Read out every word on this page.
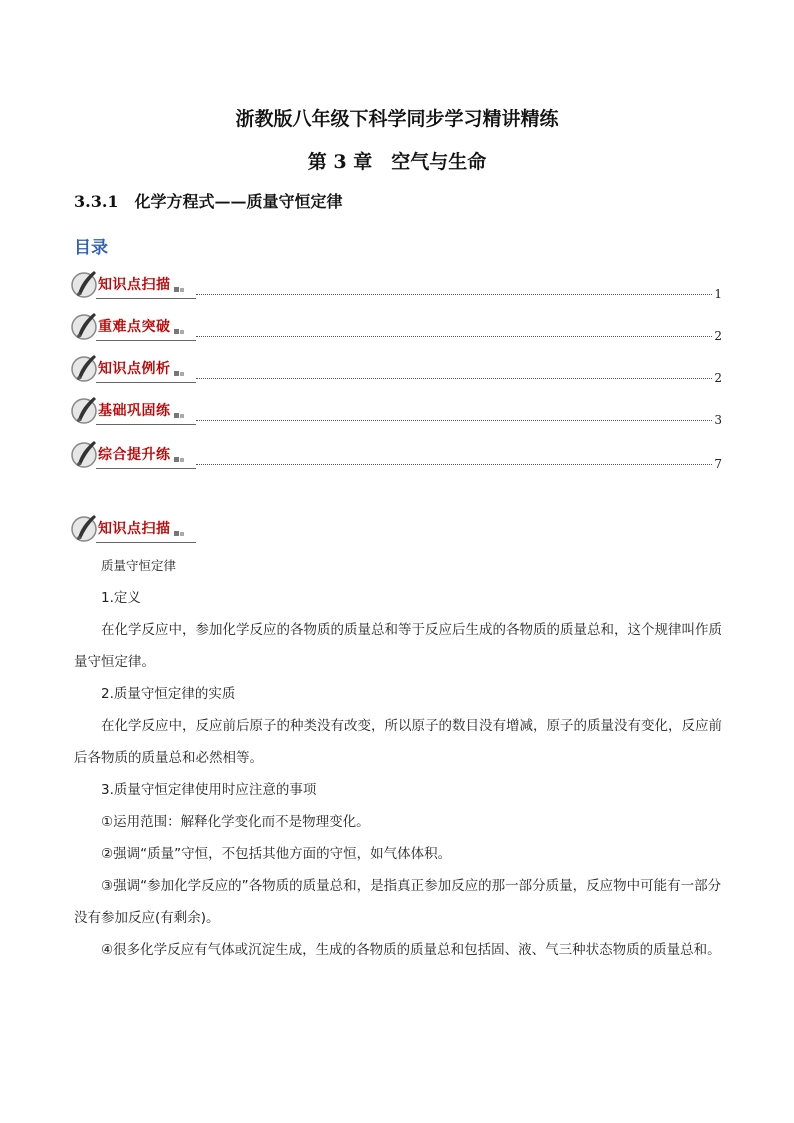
浙教版八年级下科学同步学习精讲精练
第 3 章　空气与生命
3.3.1　化学方程式——质量守恒定律
目录
知识点扫描
1
重难点突破
2
知识点例析
2
基础巩固练
3
综合提升练
7
知识点扫描

质量守恒定律

1.定义

在化学反应中，参加化学反应的各物质的质量总和等于反应后生成的各物质的质量总和，这个规律叫作质量守恒定律。

2.质量守恒定律的实质

在化学反应中，反应前后原子的种类没有改变，所以原子的数目没有增减，原子的质量没有变化，反应前后各物质的质量总和必然相等。

3.质量守恒定律使用时应注意的事项

①运用范围：解释化学变化而不是物理变化。

②强调“质量”守恒，不包括其他方面的守恒，如气体体积。

③强调“参加化学反应的”各物质的质量总和，是指真正参加反应的那一部分质量，反应物中可能有一部分没有参加反应(有剩余)。

④很多化学反应有气体或沉淀生成，生成的各物质的质量总和包括固、液、气三种状态物质的质量总和。
